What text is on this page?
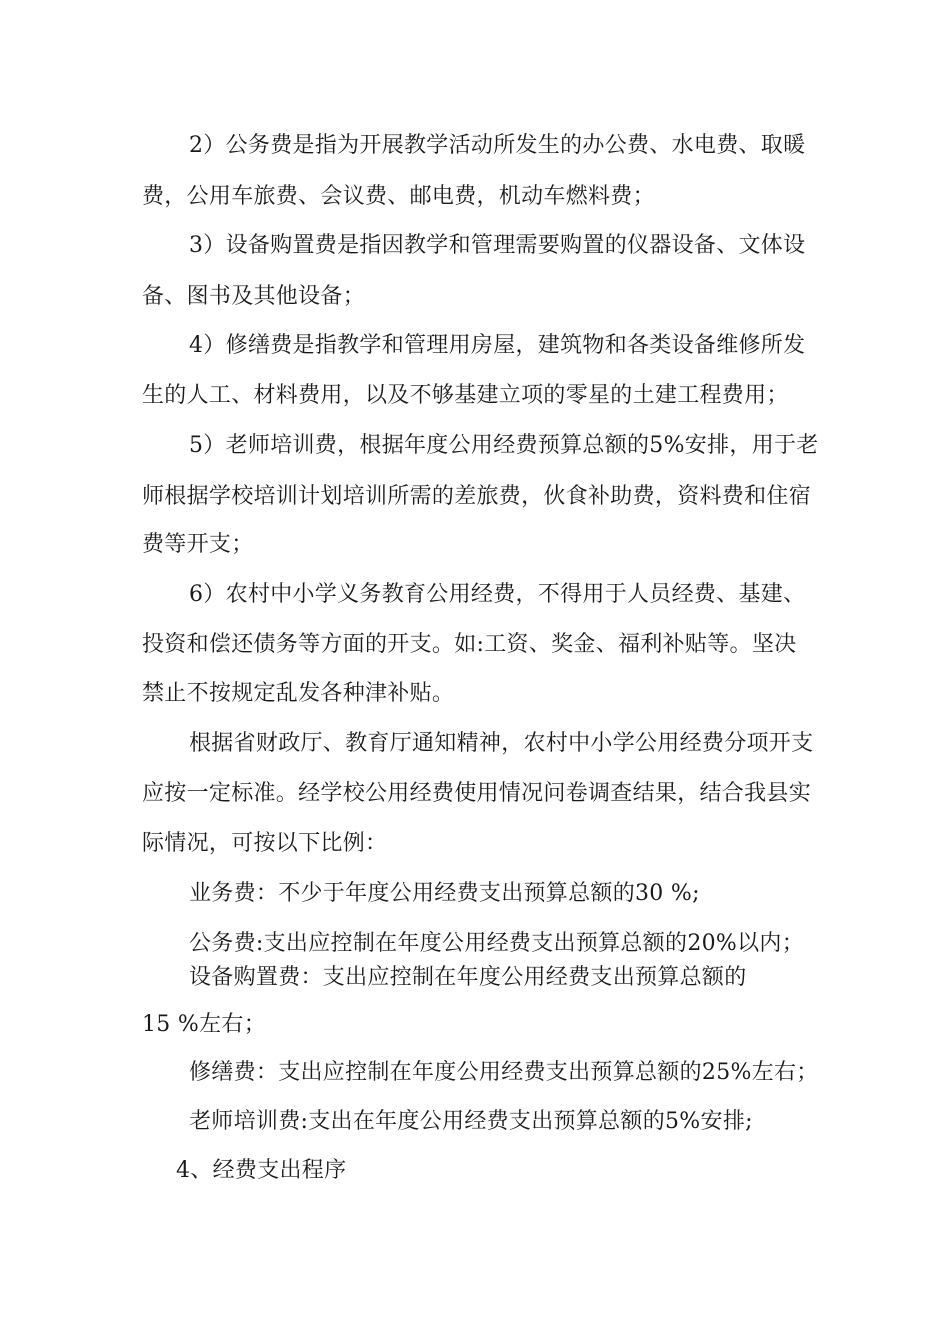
2）公务费是指为开展教学活动所发生的办公费、水电费、取暖
费，公用车旅费、会议费、邮电费，机动车燃料费；
3）设备购置费是指因教学和管理需要购置的仪器设备、文体设
备、图书及其他设备；
4）修缮费是指教学和管理用房屋，建筑物和各类设备维修所发
生的人工、材料费用，以及不够基建立项的零星的土建工程费用；
5）老师培训费，根据年度公用经费预算总额的5%安排，用于老
师根据学校培训计划培训所需的差旅费，伙食补助费，资料费和住宿
费等开支；
6）农村中小学义务教育公用经费，不得用于人员经费、基建、
投资和偿还债务等方面的开支。如:工资、奖金、福利补贴等。坚决
禁止不按规定乱发各种津补贴。
根据省财政厅、教育厅通知精神，农村中小学公用经费分项开支
应按一定标准。经学校公用经费使用情况问卷调查结果，结合我县实
际情况，可按以下比例：
业务费：不少于年度公用经费支出预算总额的30 %;
公务费:支出应控制在年度公用经费支出预算总额的20%以内；
设备购置费：支出应控制在年度公用经费支出预算总额的
15 %左右；
修缮费：支出应控制在年度公用经费支出预算总额的25%左右；
老师培训费:支出在年度公用经费支出预算总额的5%安排;
4、经费支出程序
